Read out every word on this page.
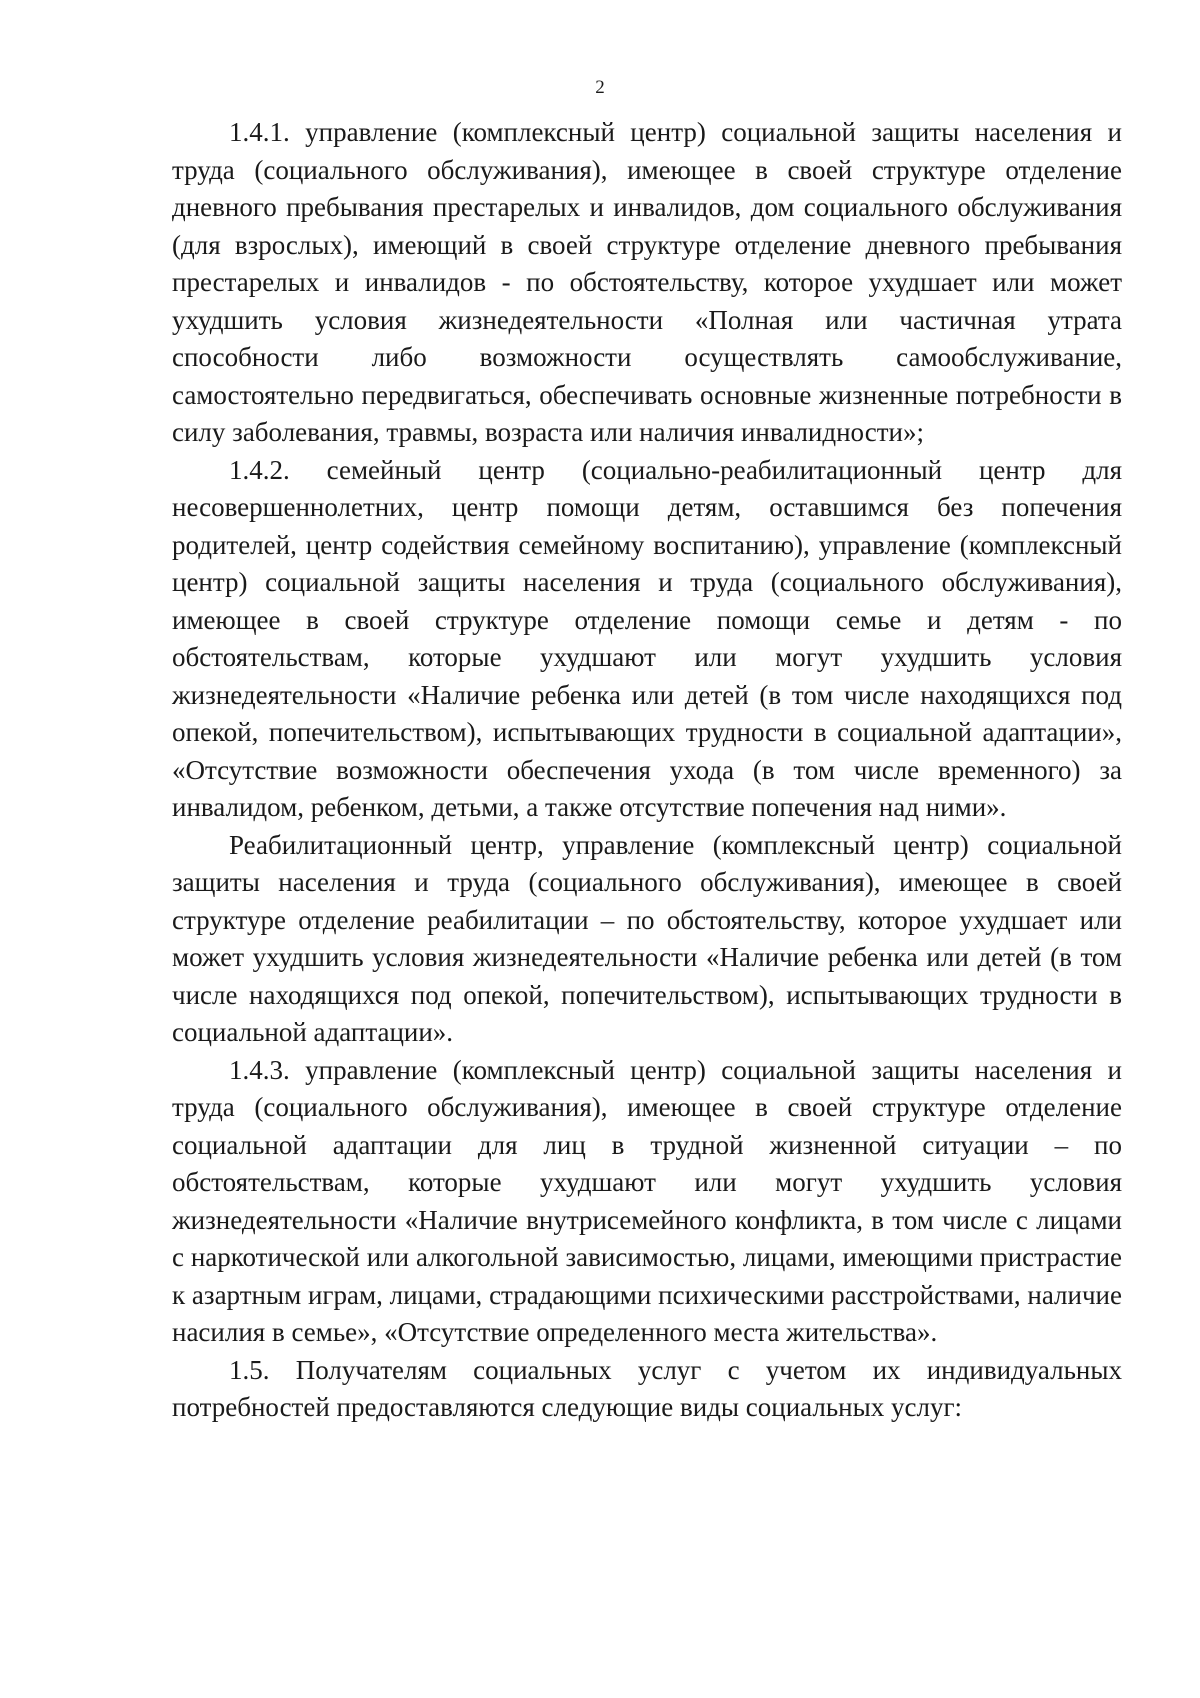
2

1.4.1. управление (комплексный центр) социальной защиты населения и труда (социального обслуживания), имеющее в своей структуре отделение дневного пребывания престарелых и инвалидов, дом социального обслуживания (для взрослых), имеющий в своей структуре отделение дневного пребывания престарелых и инвалидов - по обстоятельству, которое ухудшает или может ухудшить условия жизнедеятельности «Полная или частичная утрата способности либо возможности осуществлять самообслуживание, самостоятельно передвигаться, обеспечивать основные жизненные потребности в силу заболевания, травмы, возраста или наличия инвалидности»;

1.4.2. семейный центр (социально-реабилитационный центр для несовершеннолетних, центр помощи детям, оставшимся без попечения родителей, центр содействия семейному воспитанию), управление (комплексный центр) социальной защиты населения и труда (социального обслуживания), имеющее в своей структуре отделение помощи семье и детям - по обстоятельствам, которые ухудшают или могут ухудшить условия жизнедеятельности «Наличие ребенка или детей (в том числе находящихся под опекой, попечительством), испытывающих трудности в социальной адаптации», «Отсутствие возможности обеспечения ухода (в том числе временного) за инвалидом, ребенком, детьми, а также отсутствие попечения над ними».

Реабилитационный центр, управление (комплексный центр) социальной защиты населения и труда (социального обслуживания), имеющее в своей структуре отделение реабилитации – по обстоятельству, которое ухудшает или может ухудшить условия жизнедеятельности «Наличие ребенка или детей (в том числе находящихся под опекой, попечительством), испытывающих трудности в социальной адаптации».

1.4.3. управление (комплексный центр) социальной защиты населения и труда (социального обслуживания), имеющее в своей структуре отделение социальной адаптации для лиц в трудной жизненной ситуации – по обстоятельствам, которые ухудшают или могут ухудшить условия жизнедеятельности «Наличие внутрисемейного конфликта, в том числе с лицами с наркотической или алкогольной зависимостью, лицами, имеющими пристрастие к азартным играм, лицами, страдающими психическими расстройствами, наличие насилия в семье», «Отсутствие определенного места жительства».

1.5. Получателям социальных услуг с учетом их индивидуальных потребностей предоставляются следующие виды социальных услуг:
